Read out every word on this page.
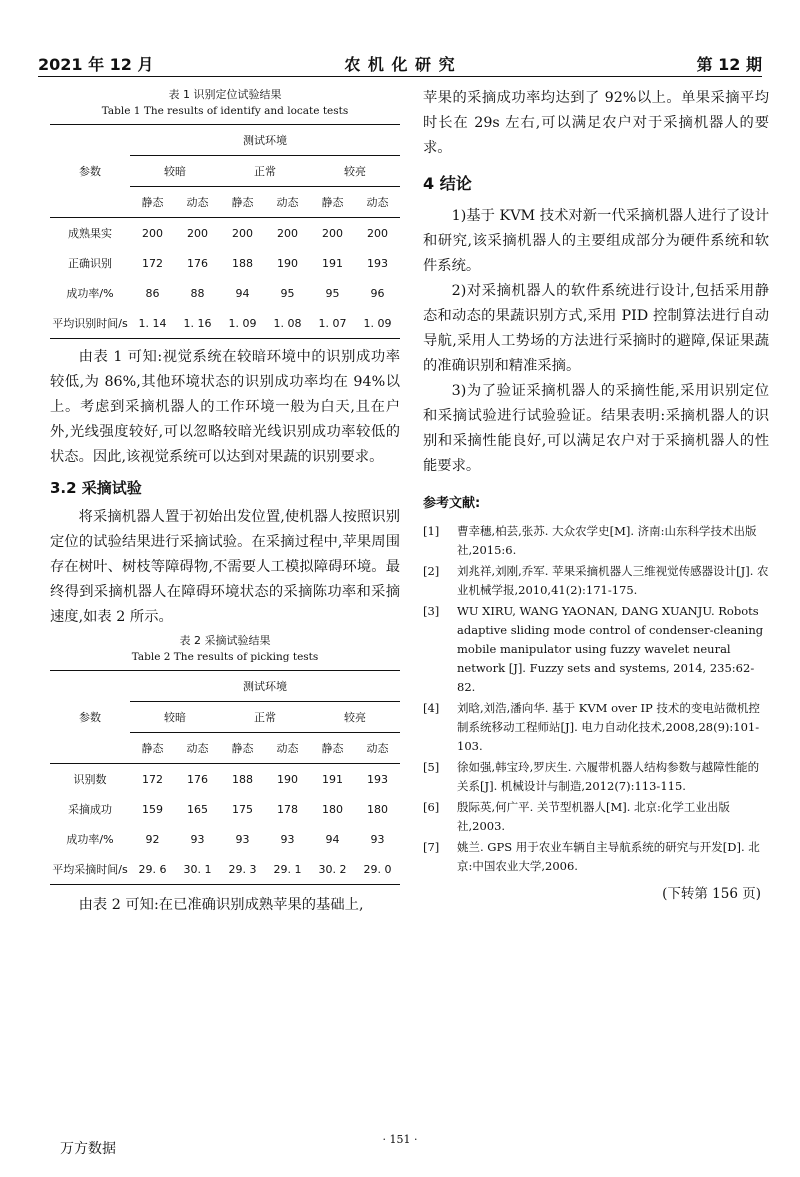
2021 年 12 月	农 机 化 研 究	第 12 期
表 1 识别定位试验结果
Table 1 The results of identify and locate tests
参数	测试环境					
	较暗		正常		较亮	
	静态	动态	静态	动态	静态	动态
成熟果实	200	200	200	200	200	200
正确识别	172	176	188	190	191	193
成功率/%	86	88	94	95	95	96
平均识别时间/s	1. 14	1. 16	1. 09	1. 08	1. 07	1. 09

由表 1 可知:视觉系统在较暗环境中的识别成功率较低,为 86%,其他环境状态的识别成功率均在 94%以上。考虑到采摘机器人的工作环境一般为白天,且在户外,光线强度较好,可以忽略较暗光线识别成功率较低的状态。因此,该视觉系统可以达到对果蔬的识别要求。

3.2 采摘试验

将采摘机器人置于初始出发位置,使机器人按照识别定位的试验结果进行采摘试验。在采摘过程中,苹果周围存在树叶、树枝等障碍物,不需要人工模拟障碍环境。最终得到采摘机器人在障碍环境状态的采摘陈功率和采摘速度,如表 2 所示。

表 2 采摘试验结果
Table 2 The results of picking tests
参数	测试环境					
	较暗		正常		较亮	
	静态	动态	静态	动态	静态	动态
识别数	172	176	188	190	191	193
采摘成功	159	165	175	178	180	180
成功率/%	92	93	93	93	94	93
平均采摘时间/s	29. 6	30. 1	29. 3	29. 1	30. 2	29. 0

由表 2 可知:在已准确识别成熟苹果的基础上,

苹果的采摘成功率均达到了 92%以上。单果采摘平均时长在 29s 左右,可以满足农户对于采摘机器人的要求。

4 结论

1)基于 KVM 技术对新一代采摘机器人进行了设计和研究,该采摘机器人的主要组成部分为硬件系统和软件系统。

2)对采摘机器人的软件系统进行设计,包括采用静态和动态的果蔬识别方式,采用 PID 控制算法进行自动导航,采用人工势场的方法进行采摘时的避障,保证果蔬的准确识别和精准采摘。

3)为了验证采摘机器人的采摘性能,采用识别定位和采摘试验进行试验验证。结果表明:采摘机器人的识别和采摘性能良好,可以满足农户对于采摘机器人的性能要求。

参考文献:
[1] 曹幸穗,柏芸,张苏. 大众农学史[M]. 济南:山东科学技术出版社,2015:6.
[2] 刘兆祥,刘刚,乔军. 苹果采摘机器人三维视觉传感器设计[J]. 农业机械学报,2010,41(2):171-175.
[3] WU XIRU, WANG YAONAN, DANG XUANJU. Robots adaptive sliding mode control of condenser-cleaning mobile manipulator using fuzzy wavelet neural network [J]. Fuzzy sets and systems, 2014, 235:62-82.
[4] 刘晗,刘浩,潘向华. 基于 KVM over IP 技术的变电站微机控制系统移动工程师站[J]. 电力自动化技术,2008,28(9):101-103.
[5] 徐如强,韩宝玲,罗庆生. 六履带机器人结构参数与越障性能的关系[J]. 机械设计与制造,2012(7):113-115.
[6] 殷际英,何广平. 关节型机器人[M]. 北京:化学工业出版社,2003.
[7] 姚兰. GPS 用于农业车辆自主导航系统的研究与开发[D]. 北京:中国农业大学,2006.
(下转第 156 页)
· 151 ·
万方数据
